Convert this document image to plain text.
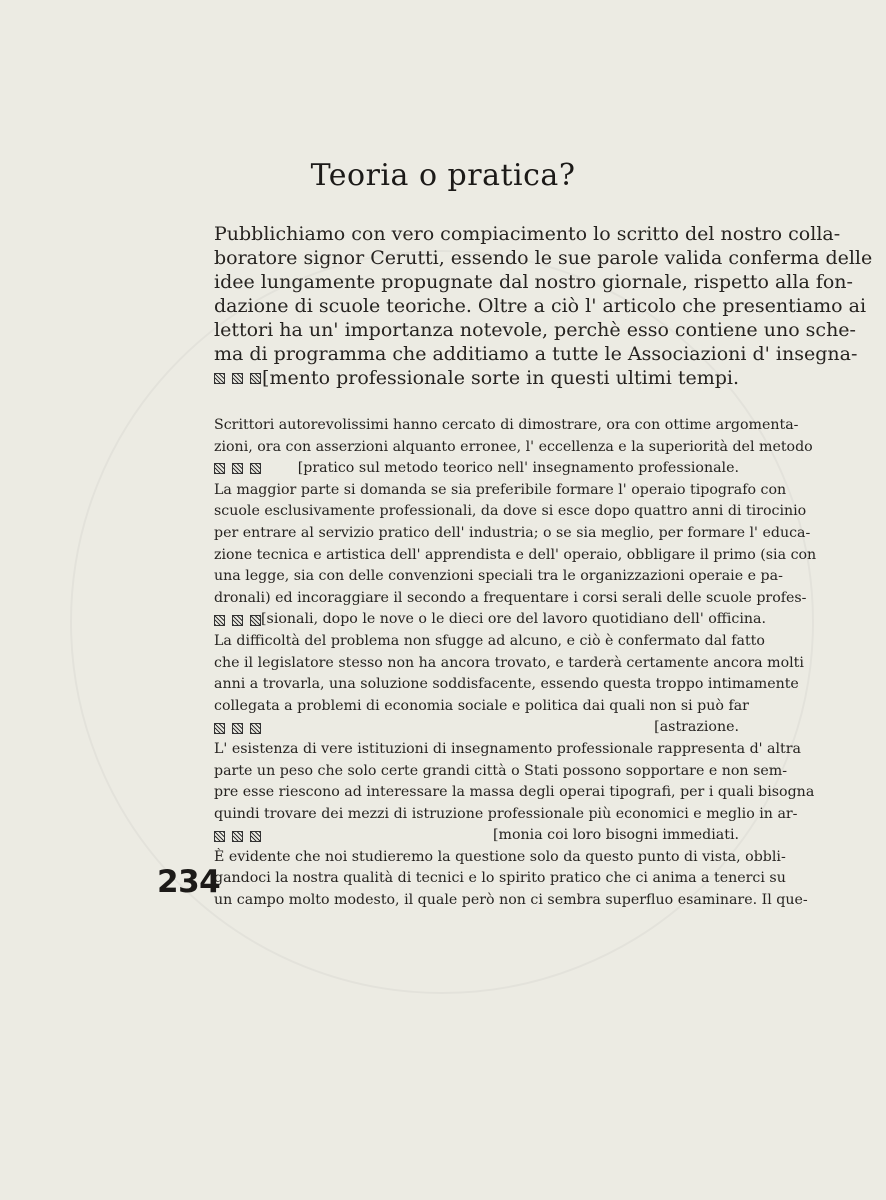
Teoria o pratica?
Pubblichiamo con vero compiacimento lo scritto del nostro colla-
boratore signor Cerutti, essendo le sue parole valida conferma delle
idee lungamente propugnate dal nostro giornale, rispetto alla fon-
dazione di scuole teoriche. Oltre a ciò l' articolo che presentiamo ai
lettori ha un' importanza notevole, perchè esso contiene uno sche-
ma di programma che additiamo a tutte le Associazioni d' insegna-
[mento professionale sorte in questi ultimi tempi.
Scrittori autorevolissimi hanno cercato di dimostrare, ora con ottime argomenta-
zioni, ora con asserzioni alquanto erronee, l' eccellenza e la superiorità del metodo
[pratico sul metodo teorico nell' insegnamento professionale.
La maggior parte si domanda se sia preferibile formare l' operaio tipografo con
scuole esclusivamente professionali, da dove si esce dopo quattro anni di tirocinio
per entrare al servizio pratico dell' industria; o se sia meglio, per formare l' educa-
zione tecnica e artistica dell' apprendista e dell' operaio, obbligare il primo (sia con
una legge, sia con delle convenzioni speciali tra le organizzazioni operaie e pa-
dronali) ed incoraggiare il secondo a frequentare i corsi serali delle scuole profes-
[sionali, dopo le nove o le dieci ore del lavoro quotidiano dell' officina.
La difficoltà del problema non sfugge ad alcuno, e ciò è confermato dal fatto
che il legislatore stesso non ha ancora trovato, e tarderà certamente ancora molti
anni a trovarla, una soluzione soddisfacente, essendo questa troppo intimamente
collegata a problemi di economia sociale e politica dai quali non si può far
[astrazione.
L' esistenza di vere istituzioni di insegnamento professionale rappresenta d' altra
parte un peso che solo certe grandi città o Stati possono sopportare e non sem-
pre esse riescono ad interessare la massa degli operai tipografi, per i quali bisogna
quindi trovare dei mezzi di istruzione professionale più economici e meglio in ar-
[monia coi loro bisogni immediati.
È evidente che noi studieremo la questione solo da questo punto di vista, obbli-
gandoci la nostra qualità di tecnici e lo spirito pratico che ci anima a tenerci su
un campo molto modesto, il quale però non ci sembra superfluo esaminare. Il que-
234
